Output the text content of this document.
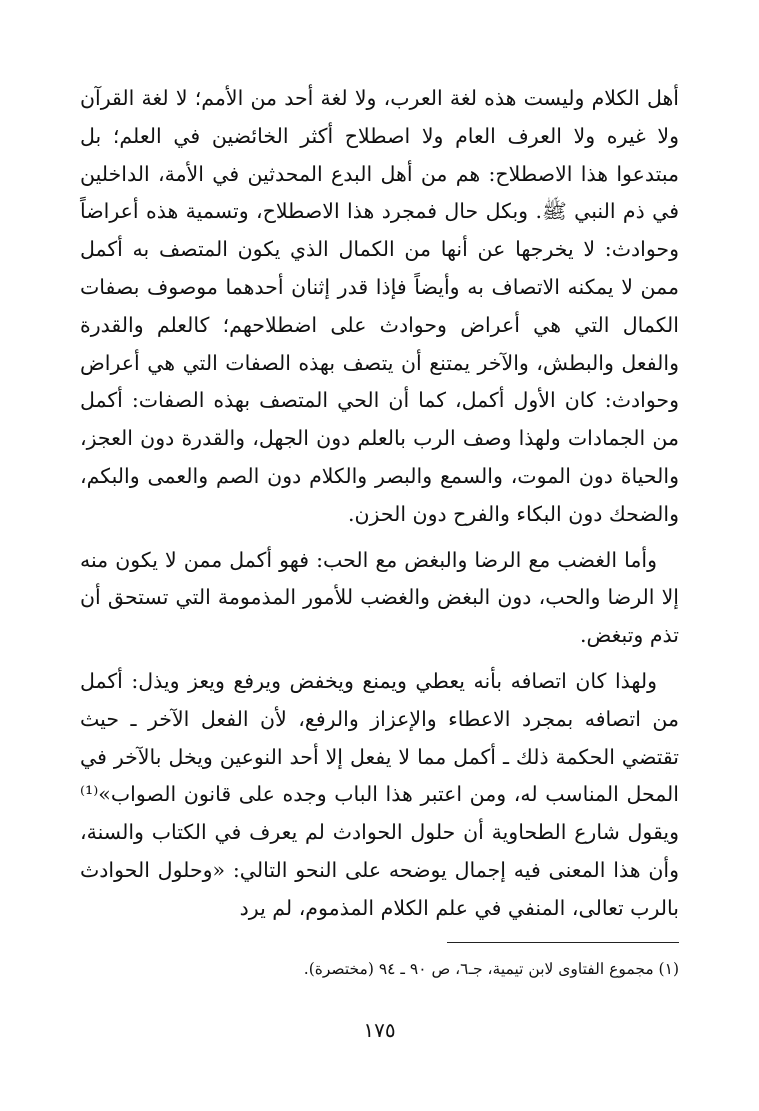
أهل الكلام وليست هذه لغة العرب، ولا لغة أحد من الأمم؛ لا لغة القرآن ولا غيره ولا العرف العام ولا اصطلاح أكثر الخائضين في العلم؛ بل مبتدعوا هذا الاصطلاح: هم من أهل البدع المحدثين في الأمة، الداخلين في ذم النبي ﷺ. وبكل حال فمجرد هذا الاصطلاح، وتسمية هذه أعراضاً وحوادث: لا يخرجها عن أنها من الكمال الذي يكون المتصف به أكمل ممن لا يمكنه الاتصاف به وأيضاً فإذا قدر إثنان أحدهما موصوف بصفات الكمال التي هي أعراض وحوادث على اضطلاحهم؛ كالعلم والقدرة والفعل والبطش، والآخر يمتنع أن يتصف بهذه الصفات التي هي أعراض وحوادث: كان الأول أكمل، كما أن الحي المتصف بهذه الصفات: أكمل من الجمادات ولهذا وصف الرب بالعلم دون الجهل، والقدرة دون العجز، والحياة دون الموت، والسمع والبصر والكلام دون الصم والعمى والبكم، والضحك دون البكاء والفرح دون الحزن.

وأما الغضب مع الرضا والبغض مع الحب: فهو أكمل ممن لا يكون منه إلا الرضا والحب، دون البغض والغضب للأمور المذمومة التي تستحق أن تذم وتبغض.

ولهذا كان اتصافه بأنه يعطي ويمنع ويخفض ويرفع ويعز ويذل: أكمل من اتصافه بمجرد الاعطاء والإعزاز والرفع، لأن الفعل الآخر ـ حيث تقتضي الحكمة ذلك ـ أكمل مما لا يفعل إلا أحد النوعين ويخل بالآخر في المحل المناسب له، ومن اعتبر هذا الباب وجده على قانون الصواب»⁽¹⁾ ويقول شارع الطحاوية أن حلول الحوادث لم يعرف في الكتاب والسنة، وأن هذا المعنى فيه إجمال يوضحه على النحو التالي: «وحلول الحوادث بالرب تعالى، المنفي في علم الكلام المذموم، لم يرد

(١) مجموع الفتاوى لابن تيمية، جـ٦، ص ٩٠ ـ ٩٤ (مختصرة).
١٧٥
